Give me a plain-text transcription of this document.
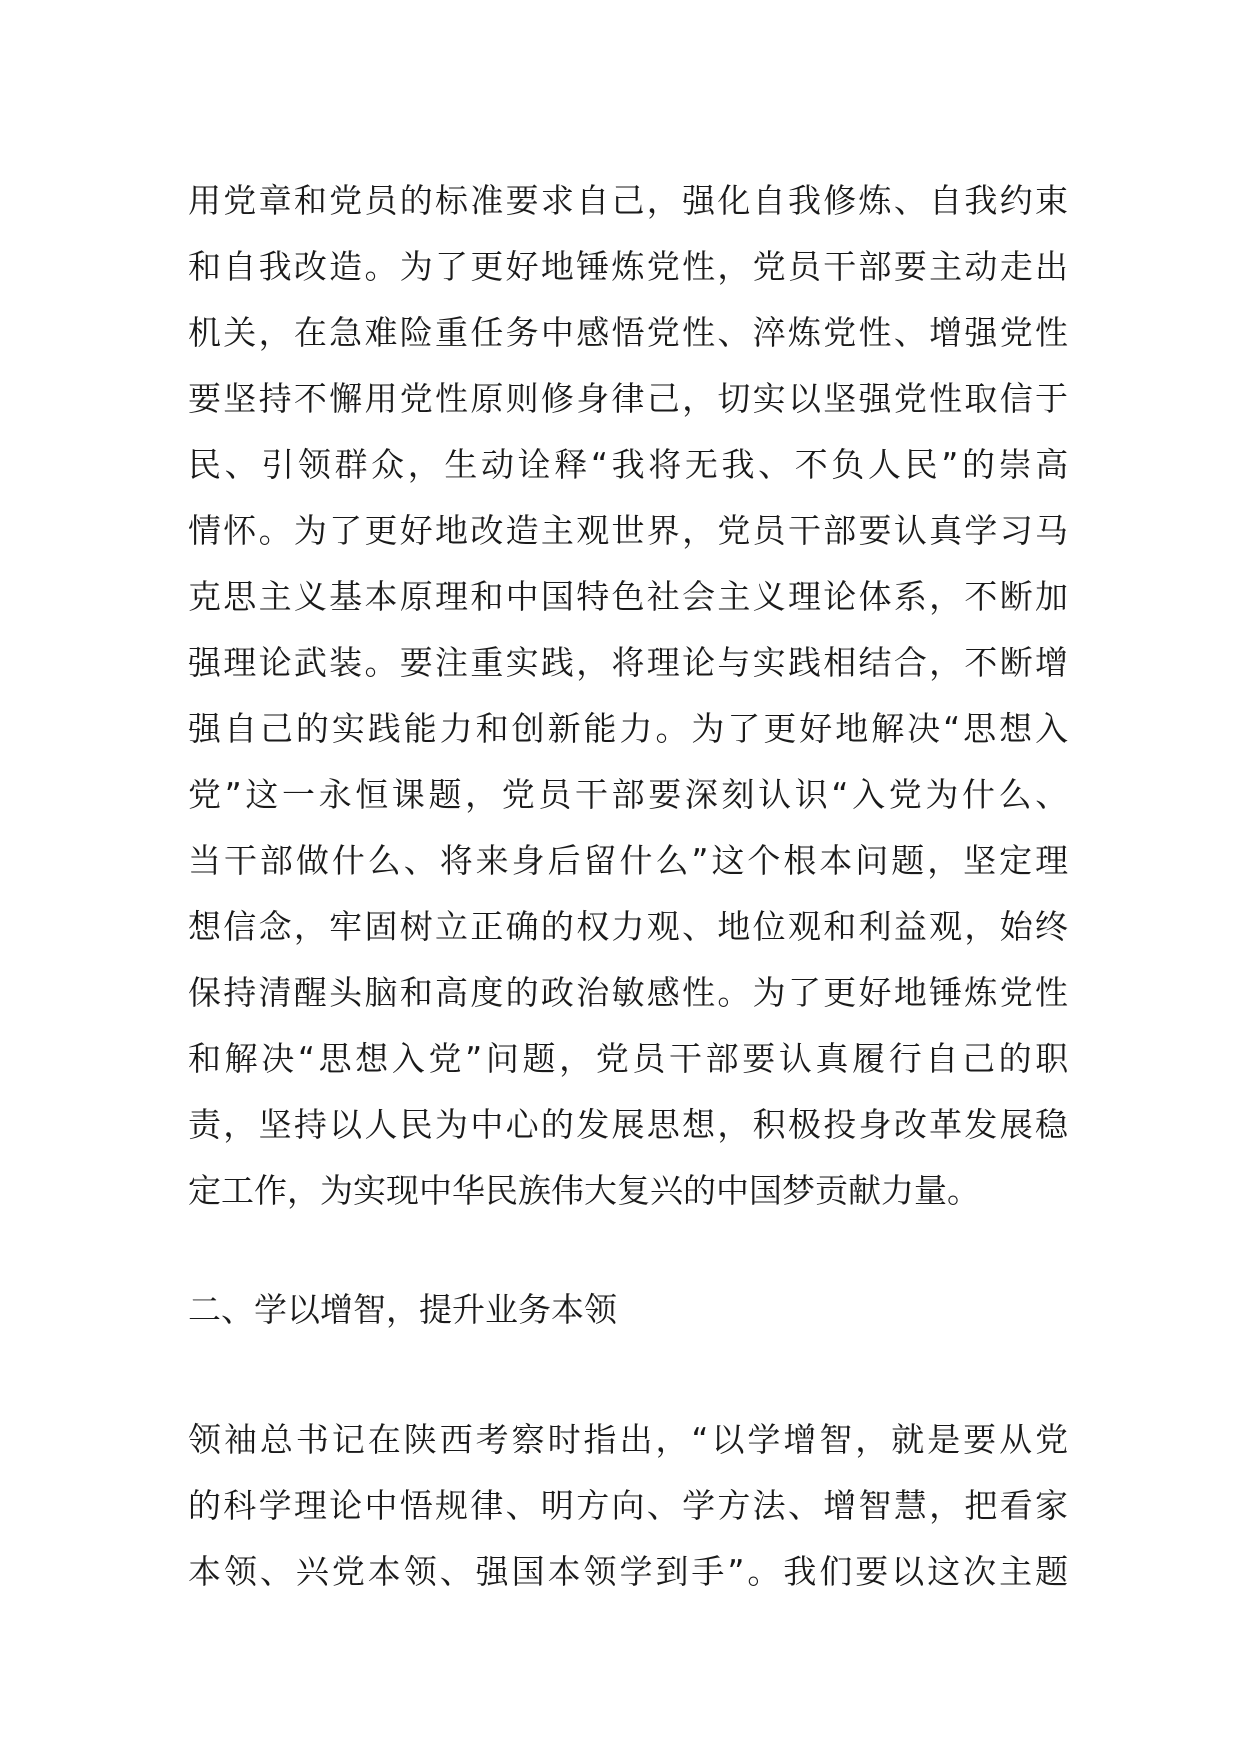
用党章和党员的标准要求自己，强化自我修炼、自我约束
和自我改造。为了更好地锤炼党性，党员干部要主动走出
机关，在急难险重任务中感悟党性、淬炼党性、增强党性
要坚持不懈用党性原则修身律己，切实以坚强党性取信于
民、引领群众，生动诠释“我将无我、不负人民”的崇高
情怀。为了更好地改造主观世界，党员干部要认真学习马
克思主义基本原理和中国特色社会主义理论体系，不断加
强理论武装。要注重实践，将理论与实践相结合，不断增
强自己的实践能力和创新能力。为了更好地解决“思想入
党”这一永恒课题，党员干部要深刻认识“入党为什么、
当干部做什么、将来身后留什么”这个根本问题，坚定理
想信念，牢固树立正确的权力观、地位观和利益观，始终
保持清醒头脑和高度的政治敏感性。为了更好地锤炼党性
和解决“思想入党”问题，党员干部要认真履行自己的职
责，坚持以人民为中心的发展思想，积极投身改革发展稳
定工作，为实现中华民族伟大复兴的中国梦贡献力量。
二、学以增智，提升业务本领
领袖总书记在陕西考察时指出，“以学增智，就是要从党
的科学理论中悟规律、明方向、学方法、增智慧，把看家
本领、兴党本领、强国本领学到手”。我们要以这次主题
